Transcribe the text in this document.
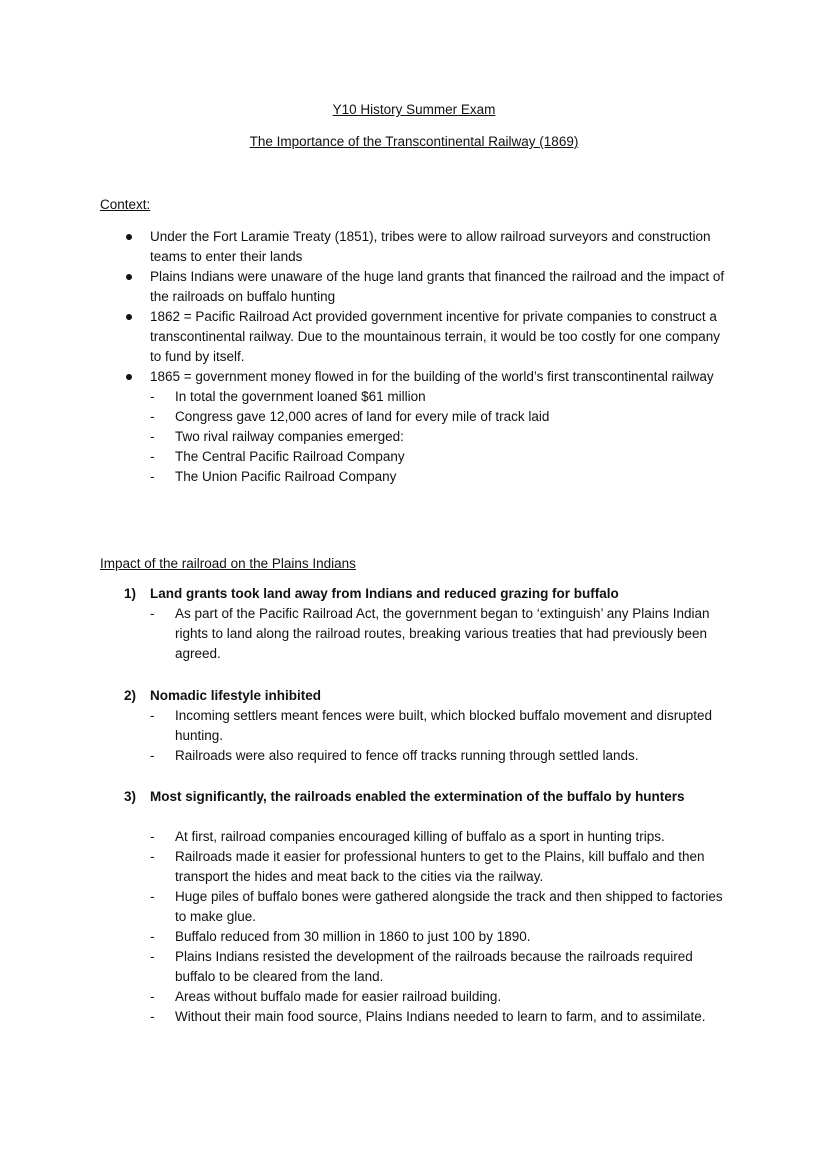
Y10 History Summer Exam
The Importance of the Transcontinental Railway (1869)
Context:
Under the Fort Laramie Treaty (1851), tribes were to allow railroad surveyors and construction teams to enter their lands
Plains Indians were unaware of the huge land grants that financed the railroad and the impact of the railroads on buffalo hunting
1862 = Pacific Railroad Act provided government incentive for private companies to construct a transcontinental railway. Due to the mountainous terrain, it would be too costly for one company to fund by itself.
1865 = government money flowed in for the building of the world’s first transcontinental railway
- In total the government loaned $61 million
- Congress gave 12,000 acres of land for every mile of track laid
- Two rival railway companies emerged:
- The Central Pacific Railroad Company
- The Union Pacific Railroad Company
Impact of the railroad on the Plains Indians
1) Land grants took land away from Indians and reduced grazing for buffalo
- As part of the Pacific Railroad Act, the government began to ‘extinguish’ any Plains Indian rights to land along the railroad routes, breaking various treaties that had previously been agreed.
2) Nomadic lifestyle inhibited
- Incoming settlers meant fences were built, which blocked buffalo movement and disrupted hunting.
- Railroads were also required to fence off tracks running through settled lands.
3) Most significantly, the railroads enabled the extermination of the buffalo by hunters
- At first, railroad companies encouraged killing of buffalo as a sport in hunting trips.
- Railroads made it easier for professional hunters to get to the Plains, kill buffalo and then transport the hides and meat back to the cities via the railway.
- Huge piles of buffalo bones were gathered alongside the track and then shipped to factories to make glue.
- Buffalo reduced from 30 million in 1860 to just 100 by 1890.
- Plains Indians resisted the development of the railroads because the railroads required buffalo to be cleared from the land.
- Areas without buffalo made for easier railroad building.
- Without their main food source, Plains Indians needed to learn to farm, and to assimilate.
